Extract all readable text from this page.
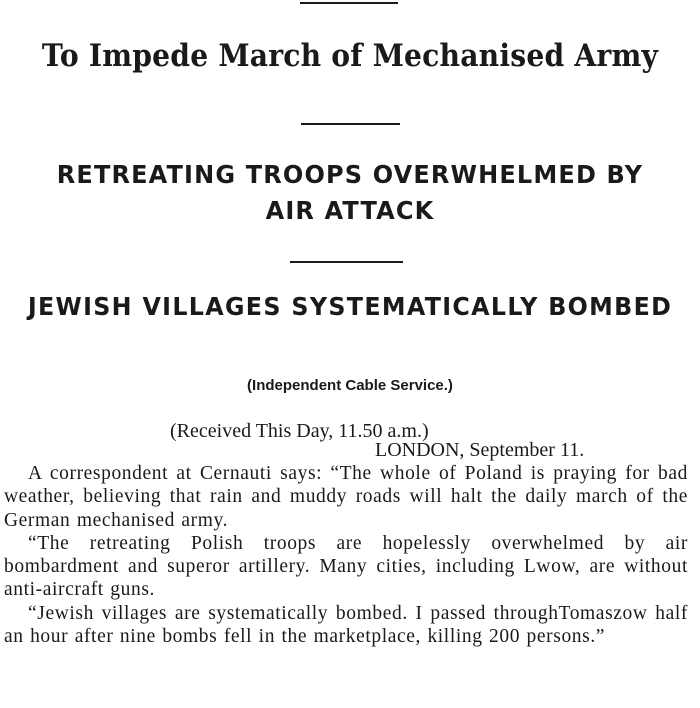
To Impede March of Mechanised Army
RETREATING TROOPS OVERWHELMED BY AIR ATTACK
JEWISH VILLAGES SYSTEMATICALLY BOMBED
(Independent Cable Service.)
(Received This Day, 11.50 a.m.)
LONDON, September 11.

A correspondent at Cernauti says: “The whole of Poland is praying for bad weather, believing that rain and muddy roads will halt the daily march of the German mechanised army.

“The retreating Polish troops are hopelessly overwhelmed by air bombardment and superor artillery. Many cities, including Lwow, are without anti-aircraft guns.

“Jewish villages are systematically bombed. I passed throughTomaszow half an hour after nine bombs fell in the marketplace, killing 200 persons.”
